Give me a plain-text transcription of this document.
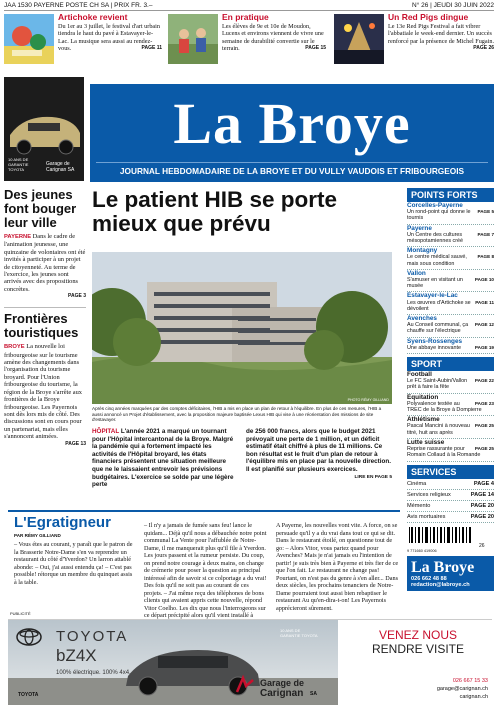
JAA 1530 PAYERNE POSTE CH SA | PRIX FR. 3.–	N° 26 | JEUDI 30 JUIN 2022
Artichoke revient
Du 1er au 3 juillet, le festival d'art urbain tiendra le haut du pavé à Estavayer-le-Lac. La musique sera aussi au rendez-vous.	PAGE 11
En pratique
Les élèves de 9e et 10e de Moudon, Lucens et environs viennent de vivre une semaine de durabilité convertie sur le terrain.	PAGE 15
Un Red Pigs dingue
Le 13e Red Pigs Festival a fait vibrer l'abbatiale le week-end dernier. Un succès renforcé par la présence de Michel Fugain.
PAGE 26
10 ANS DE GARANTIE TOYOTA
Garage de Carignan SA
La Broye
JOURNAL HEBDOMADAIRE DE LA BROYE ET DU VULLY VAUDOIS ET FRIBOURGEOIS
Des jeunes font bouger leur ville

PAYERNE Dans le cadre de l'animation jeunesse, une quinzaine de volontaires ont été invités à participer à un projet de citoyenneté. Au terme de l'exercice, les jeunes sont arrivés avec des propositions concrètes.

PAGE 3
Frontières touristiques

BROYE La nouvelle loi fribourgeoise sur le tourisme amène des changements dans l'organisation du tourisme broyard. Pour l'Union fribourgeoise du tourisme, la région de la Broye s'arrête aux frontières de la Broye fribourgeoise. Les Payernois sont dès lors mis de côté. Des discussions sont en cours pour un partenariat, mais elles s'annoncent animées.

PAGE 13
Le patient HIB se porte mieux que prévu
PHOTO RÉMY GILLIAND
Après cinq années marquées par des comptes déficitaires, l'HIB a mis en place un plan de retour à l'équilibre. En plus de ces mesures, l'HIB a aussi annoncé un Projet d'établissement, avec la proposition majeure baptisée Lexus HIB qui vise à une réorientation des missions de site d'estavayer.
HÔPITAL L'année 2021 a marqué un tournant pour l'Hôpital intercantonal de la Broye. Malgré la pandémie qui a fortement impacté les activités de l'Hôpital broyard, les états financiers présentent une situation meilleure que ne le laissaient entrevoir les prévisions budgétaires. L'exercice se solde par une légère perte
de 256 000 francs, alors que le budget 2021 prévoyait une perte de 1 million, et un déficit estimatif était chiffré à plus de 11 millions. Ce bon résultat est le fruit d'un plan de retour à l'équilibre mis en place par la nouvelle direction. Il est planifié sur plusieurs exercices.
LIRE EN PAGE 5
POINTS FORTS
Corcelles-Payerne
PAGE 5
Un rond-point qui donne le tournis
Payerne
PAGE 7
Un Centre des cultures mésopotamiennes créé
Montagny
PAGE 8
Le centre médical sauvé, mais sous condition
Vallon
PAGE 10
S'amuser en visitant un musée
Estavayer-le-Lac
PAGE 11
Les œuvres d'Artichoke se dévoilent
Avenches
PAGE 12
Au Conseil communal, ça chauffe sur l'électrique
Syens-Rossenges
PAGE 19
Une abbaye innovante
SPORT
Football
PAGE 22
Le FC Saint-Aubin/Vallon prêt à faire la fête
Equitation
PAGE 23
Polyvalence testée au TREC de la Broye à Dompierre
Athlétisme
PAGE 25
Pascal Mancini à nouveau titré, huit ans après
Lutte suisse
PAGE 25
Reprise rassurante pour Romain Collaud à la Romande
SERVICES
Cinéma	PAGE 4
Services religieux	PAGE 14
Mémento	PAGE 20
Avis mortuaires	PAGE 20
26
9 771660 419006
La Broye
026 662 48 88
redaction@labroye.ch
L'Egratigneur
PAR RÉMY GILLIAND
– Vous étes au courant, y paraît que le patron de la Brasserie Notre-Dame s'en va reprendre un restaurant du côté d'Yverdon? Un larron attablé abonde: – Oui, j'ai aussi entendu ça! – C'est pas possible! rétorque un membre du quinquet assis à la table.
– Il n'y a jamais de fumée sans feu! lance le quidam... Déjà qu'il nous a débauchée notre point communal La Vente pour l'affublée de Notre-Dame, il me manquerait plus qu'il file à Yverdon. Les jours passent et la rumeur persiste. Du coup, on prend notre courage à deux mains, on change de crémerie pour poser la question au principal intéressé afin de savoir si ce colportage a du vrai! Des fois qu'il ne soit pas au courant de ces projets. – J'ai même reçu des téléphones de bons clients qui avaient appris cette nouvelle, répond Vitor Coelho. Les dix que nous l'interrogeons sur ce départ précipité alors qu'il vient installé à
A Payerne, les nouvelles vont vite. A force, on se persuade qu'il y a du vrai dans tout ce qui se dit. Dans le restaurant étoilé, on questionne tout de go: – Alors Vitor, vous partez quand pour Avenches? Mais je n'ai jamais eu l'intention de partir! je suis très bien à Payerne et très fier de ce que l'on fait. Le restaurant ne change pas! Pourtant, on n'est pas du genre à s'en aller... Dans deux siècles, les prochains tenanciers de Notre-Dame pourraient tout aussi bien rebaptiser le restaurant Au qu'en-dira-t-on! Les Payernois apprécieront sûrement.
PUBLICITÉ
TOYOTA
bZ4X
100% électrique. 100% 4x4.
TOYOTA
10 ANS DE GARANTIE TOYOTA	VENEZ NOUS
RENDRE VISITE
Garage de
Carignan SA
026 667 15 33
garage@carignan.ch
carignan.ch
